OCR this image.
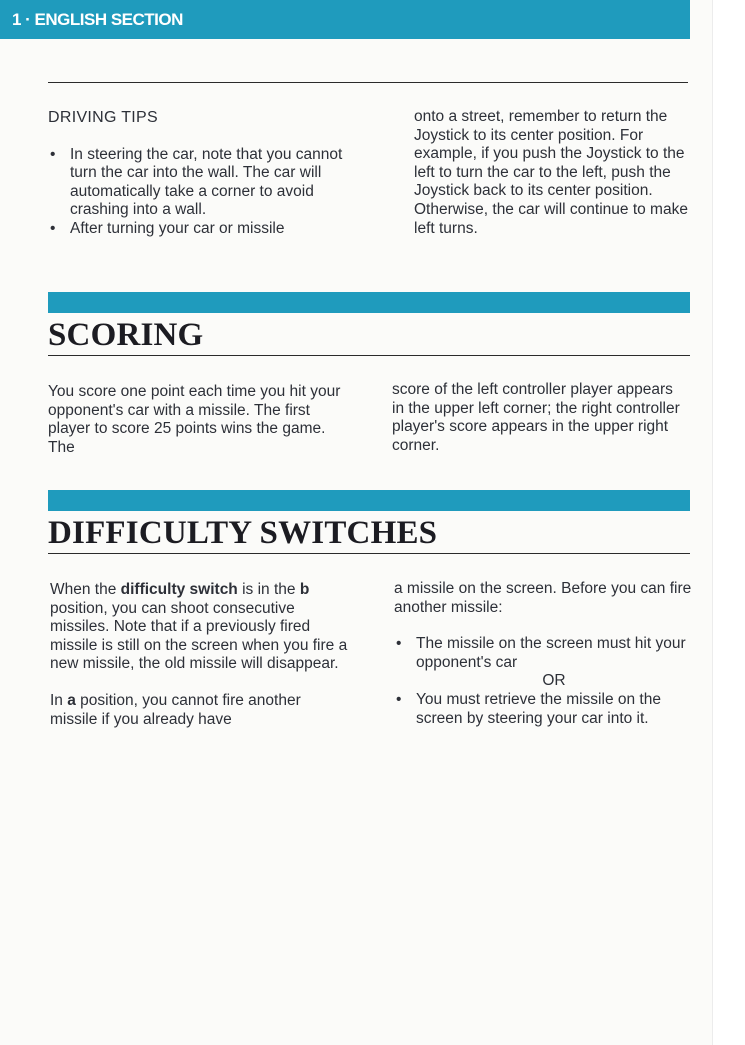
1 · ENGLISH SECTION

DRIVING TIPS

• In steering the car, note that you cannot turn the car into the wall. The car will automatically take a corner to avoid crashing into a wall.
• After turning your car or missile

onto a street, remember to return the Joystick to its center position. For example, if you push the Joystick to the left to turn the car to the left, push the Joystick back to its center position. Otherwise, the car will continue to make left turns.

SCORING

You score one point each time you hit your opponent's car with a missile. The first player to score 25 points wins the game. The

score of the left controller player appears in the upper left corner; the right controller player's score appears in the upper right corner.

DIFFICULTY SWITCHES

When the difficulty switch is in the b position, you can shoot consecutive missiles. Note that if a previously fired missile is still on the screen when you fire a new missile, the old missile will disappear.

In a position, you cannot fire another missile if you already have

a missile on the screen. Before you can fire another missile:

• The missile on the screen must hit your opponent's car
OR
• You must retrieve the missile on the screen by steering your car into it.
